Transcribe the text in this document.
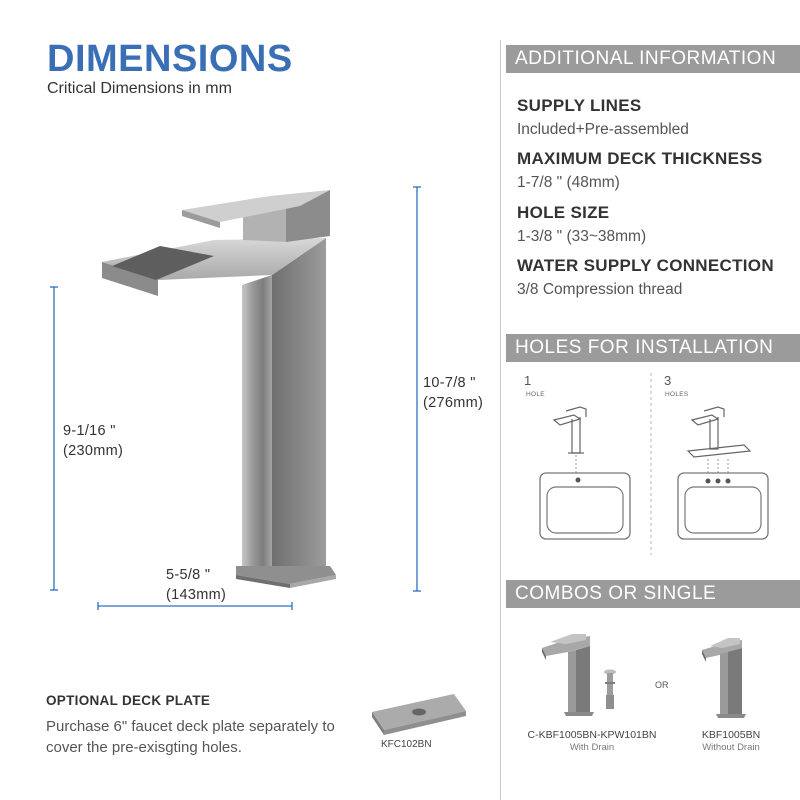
DIMENSIONS
Critical Dimensions in mm
10-7/8 "
(276mm)
9-1/16 "
(230mm)
5-5/8 "
(143mm)
OPTIONAL DECK PLATE
Purchase 6" faucet deck plate separately to cover the pre-exisgting holes.	KFC102BN
ADDITIONAL INFORMATION
SUPPLY LINES
Included+Pre-assembled
MAXIMUM DECK THICKNESS
1-7/8 " (48mm)
HOLE SIZE
1-3/8 " (33~38mm)
WATER SUPPLY CONNECTION
3/8 Compression thread
HOLES FOR INSTALLATION
1
HOLE
3
HOLES
COMBOS OR SINGLE
OR
C-KBF1005BN-KPW101BN
With Drain
KBF1005BN
Without Drain
